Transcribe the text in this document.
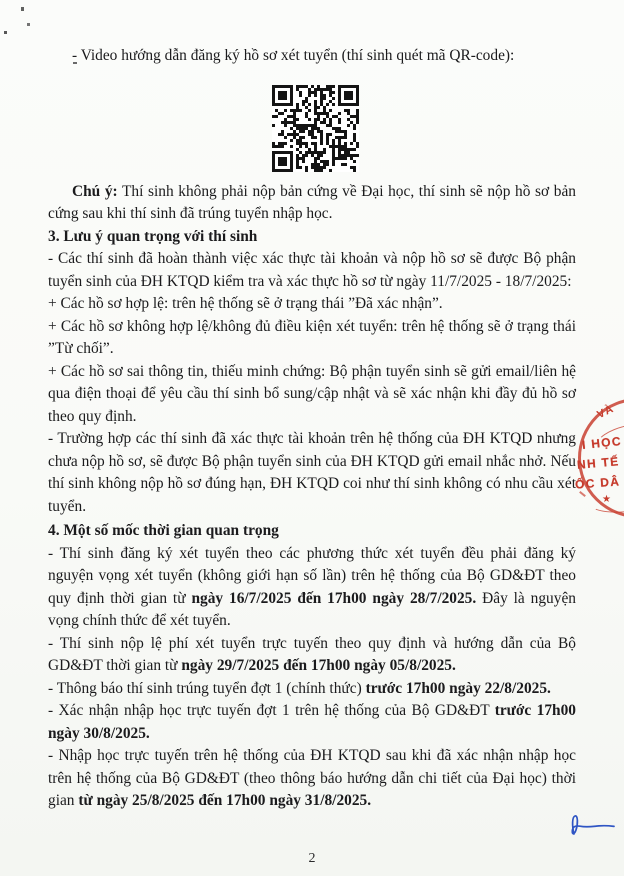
- Video hướng dẫn đăng ký hồ sơ xét tuyển (thí sinh quét mã QR-code):

Chú ý: Thí sinh không phải nộp bản cứng về Đại học, thí sinh sẽ nộp hồ sơ bản cứng sau khi thí sinh đã trúng tuyển nhập học.

3. Lưu ý quan trọng với thí sinh

- Các thí sinh đã hoàn thành việc xác thực tài khoản và nộp hồ sơ sẽ được Bộ phận tuyển sinh của ĐH KTQD kiểm tra và xác thực hồ sơ từ ngày 11/7/2025 - 18/7/2025:

+ Các hồ sơ hợp lệ: trên hệ thống sẽ ở trạng thái ”Đã xác nhận”.

+ Các hồ sơ không hợp lệ/không đủ điều kiện xét tuyển: trên hệ thống sẽ ở trạng thái ”Từ chối”.

+ Các hồ sơ sai thông tin, thiếu minh chứng: Bộ phận tuyển sinh sẽ gửi email/liên hệ qua điện thoại để yêu cầu thí sinh bổ sung/cập nhật và sẽ xác nhận khi đầy đủ hồ sơ theo quy định.

- Trường hợp các thí sinh đã xác thực tài khoản trên hệ thống của ĐH KTQD nhưng chưa nộp hồ sơ, sẽ được Bộ phận tuyển sinh của ĐH KTQD gửi email nhắc nhở. Nếu thí sinh không nộp hồ sơ đúng hạn, ĐH KTQD coi như thí sinh không có nhu cầu xét tuyển.

4. Một số mốc thời gian quan trọng

- Thí sinh đăng ký xét tuyển theo các phương thức xét tuyển đều phải đăng ký nguyện vọng xét tuyển (không giới hạn số lần) trên hệ thống của Bộ GD&ĐT theo quy định thời gian từ ngày 16/7/2025 đến 17h00 ngày 28/7/2025. Đây là nguyện vọng chính thức để xét tuyển.

- Thí sinh nộp lệ phí xét tuyển trực tuyến theo quy định và hướng dẫn của Bộ GD&ĐT thời gian từ ngày 29/7/2025 đến 17h00 ngày 05/8/2025.

- Thông báo thí sinh trúng tuyển đợt 1 (chính thức) trước 17h00 ngày 22/8/2025.

- Xác nhận nhập học trực tuyến đợt 1 trên hệ thống của Bộ GD&ĐT trước 17h00 ngày 30/8/2025.

- Nhập học trực tuyến trên hệ thống của ĐH KTQD sau khi đã xác nhận nhập học trên hệ thống của Bộ GD&ĐT (theo thông báo hướng dẫn chi tiết của Đại học) thời gian từ ngày 25/8/2025 đến 17h00 ngày 31/8/2025.

VÀ
I HỌC
NH TẾ
ỐC DÂ
★
2
